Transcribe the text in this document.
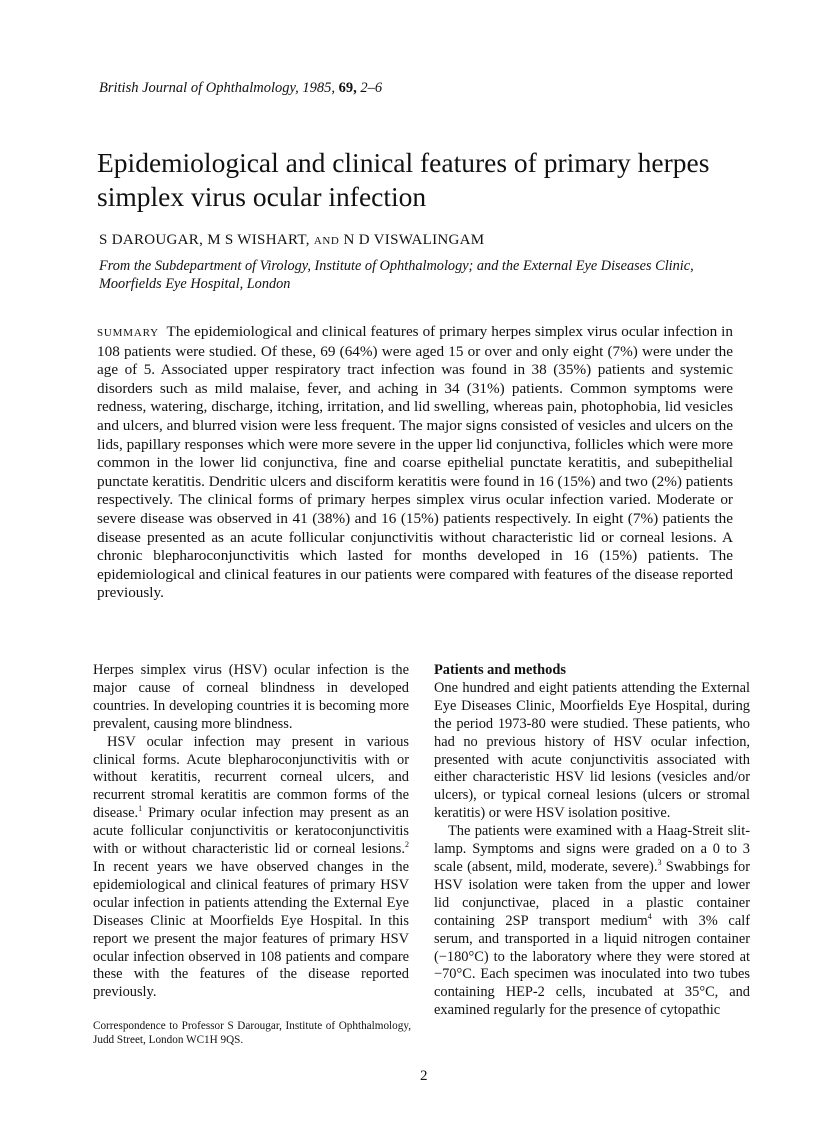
British Journal of Ophthalmology, 1985, 69, 2–6
Epidemiological and clinical features of primary herpes simplex virus ocular infection
S DAROUGAR, M S WISHART, AND N D VISWALINGAM

From the Subdepartment of Virology, Institute of Ophthalmology; and the External Eye Diseases Clinic, Moorfields Eye Hospital, London

SUMMARY The epidemiological and clinical features of primary herpes simplex virus ocular infection in 108 patients were studied. Of these, 69 (64%) were aged 15 or over and only eight (7%) were under the age of 5. Associated upper respiratory tract infection was found in 38 (35%) patients and systemic disorders such as mild malaise, fever, and aching in 34 (31%) patients. Common symptoms were redness, watering, discharge, itching, irritation, and lid swelling, whereas pain, photophobia, lid vesicles and ulcers, and blurred vision were less frequent. The major signs consisted of vesicles and ulcers on the lids, papillary responses which were more severe in the upper lid conjunctiva, follicles which were more common in the lower lid conjunctiva, fine and coarse epithelial punctate keratitis, and subepithelial punctate keratitis. Dendritic ulcers and disciform keratitis were found in 16 (15%) and two (2%) patients respectively. The clinical forms of primary herpes simplex virus ocular infection varied. Moderate or severe disease was observed in 41 (38%) and 16 (15%) patients respectively. In eight (7%) patients the disease presented as an acute follicular conjunctivitis without characteristic lid or corneal lesions. A chronic blepharoconjunctivitis which lasted for months developed in 16 (15%) patients. The epidemiological and clinical features in our patients were compared with features of the disease reported previously.

Herpes simplex virus (HSV) ocular infection is the major cause of corneal blindness in developed countries. In developing countries it is becoming more prevalent, causing more blindness.

HSV ocular infection may present in various clinical forms. Acute blepharoconjunctivitis with or without keratitis, recurrent corneal ulcers, and recurrent stromal keratitis are common forms of the disease.$^1$ Primary ocular infection may present as an acute follicular conjunctivitis or keratoconjunctivitis with or without characteristic lid or corneal lesions.$^2$ In recent years we have observed changes in the epidemiological and clinical features of primary HSV ocular infection in patients attending the External Eye Diseases Clinic at Moorfields Eye Hospital. In this report we present the major features of primary HSV ocular infection observed in 108 patients and compare these with the features of the disease reported previously.

Correspondence to Professor S Darougar, Institute of Ophthalmology, Judd Street, London WC1H 9QS.

Patients and methods

One hundred and eight patients attending the External Eye Diseases Clinic, Moorfields Eye Hospital, during the period 1973-80 were studied. These patients, who had no previous history of HSV ocular infection, presented with acute conjunctivitis associated with either characteristic HSV lid lesions (vesicles and/or ulcers), or typical corneal lesions (ulcers or stromal keratitis) or were HSV isolation positive.

The patients were examined with a Haag-Streit slit-lamp. Symptoms and signs were graded on a 0 to 3 scale (absent, mild, moderate, severe).$^3$ Swabbings for HSV isolation were taken from the upper and lower lid conjunctivae, placed in a plastic container containing 2SP transport medium$^4$ with 3% calf serum, and transported in a liquid nitrogen container (−180°C) to the laboratory where they were stored at −70°C. Each specimen was inoculated into two tubes containing HEP-2 cells, incubated at 35°C, and examined regularly for the presence of cytopathic

2
